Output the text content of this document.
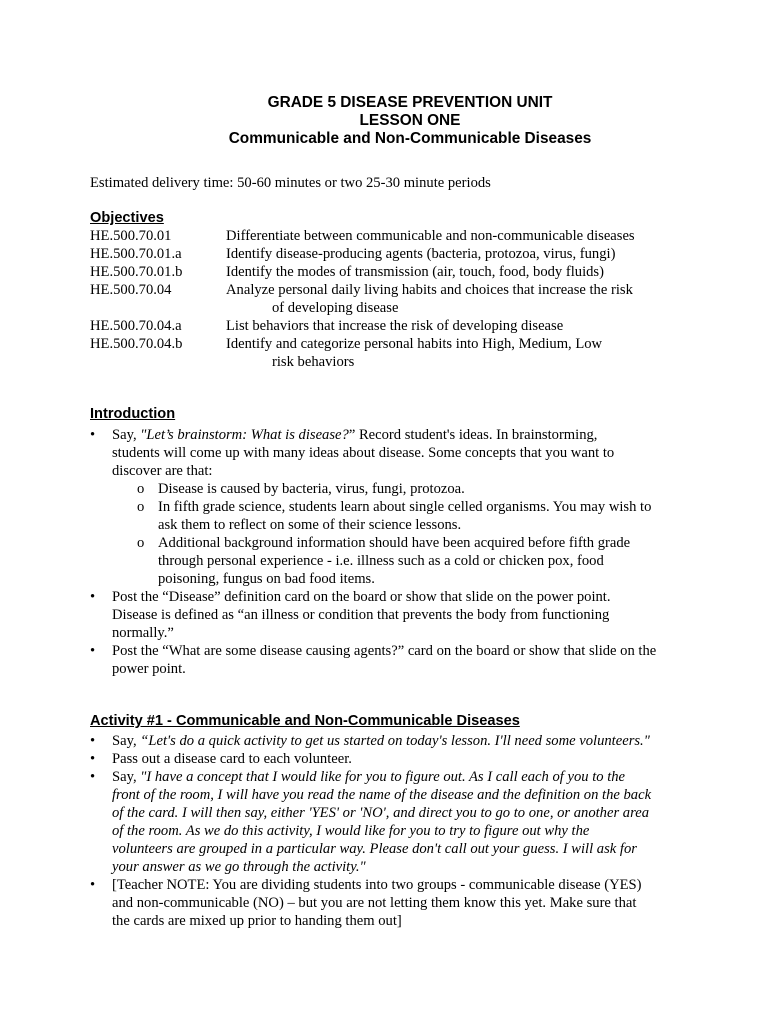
GRADE 5 DISEASE PREVENTION UNIT
LESSON ONE
Communicable and Non-Communicable Diseases
Estimated delivery time: 50-60 minutes or two 25-30 minute periods
Objectives
HE.500.70.01	Differentiate between communicable and non-communicable diseases
HE.500.70.01.a	Identify disease-producing agents (bacteria, protozoa, virus, fungi)
HE.500.70.01.b	Identify the modes of transmission (air, touch, food, body fluids)
HE.500.70.04	Analyze personal daily living habits and choices that increase the risk
of developing disease
HE.500.70.04.a	List behaviors that increase the risk of developing disease
HE.500.70.04.b	Identify and categorize personal habits into High, Medium, Low
risk behaviors
Introduction
• Say, "Let’s brainstorm: What is disease?” Record student's ideas. In brainstorming,
students will come up with many ideas about disease. Some concepts that you want to
discover are that:
o Disease is caused by bacteria, virus, fungi, protozoa.
o In fifth grade science, students learn about single celled organisms. You may wish to
ask them to reflect on some of their science lessons.
o Additional background information should have been acquired before fifth grade
through personal experience - i.e. illness such as a cold or chicken pox, food
poisoning, fungus on bad food items.
• Post the “Disease” definition card on the board or show that slide on the power point.
Disease is defined as “an illness or condition that prevents the body from functioning
normally.”
• Post the “What are some disease causing agents?” card on the board or show that slide on the
power point.
Activity #1 - Communicable and Non-Communicable Diseases
• Say, “Let's do a quick activity to get us started on today's lesson. I'll need some volunteers."
• Pass out a disease card to each volunteer.
• Say, "I have a concept that I would like for you to figure out. As I call each of you to the
front of the room, I will have you read the name of the disease and the definition on the back
of the card. I will then say, either 'YES' or 'NO', and direct you to go to one, or another area
of the room. As we do this activity, I would like for you to try to figure out why the
volunteers are grouped in a particular way. Please don't call out your guess. I will ask for
your answer as we go through the activity."
• [Teacher NOTE: You are dividing students into two groups - communicable disease (YES)
and non-communicable (NO) – but you are not letting them know this yet. Make sure that
the cards are mixed up prior to handing them out]
